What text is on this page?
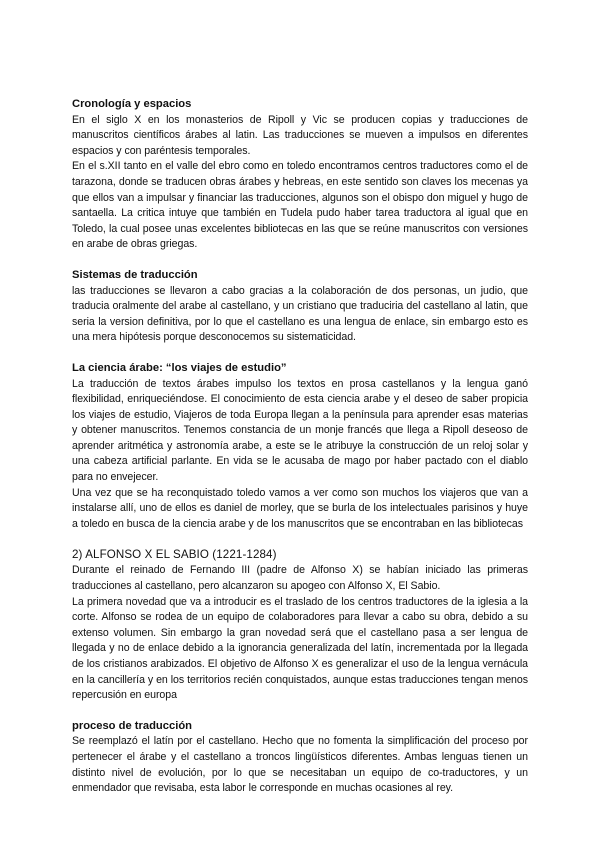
Cronología y espacios

En el siglo X en los monasterios de Ripoll y Vic se producen copias y traducciones de manuscritos científicos árabes al latin. Las traducciones se mueven a impulsos en diferentes espacios y con paréntesis temporales.

En el s.XII tanto en el valle del ebro como en toledo encontramos centros traductores como el de tarazona, donde se traducen obras árabes y hebreas, en este sentido son claves los mecenas ya que ellos van a impulsar y financiar las traducciones, algunos son el obispo don miguel y hugo de santaella. La critica intuye que también en Tudela pudo haber tarea traductora al igual que en Toledo, la cual posee unas excelentes bibliotecas en las que se reúne manuscritos con versiones en arabe de obras griegas.

Sistemas de traducción

las traducciones se llevaron a cabo gracias a la colaboración de dos personas, un judio, que traducia oralmente del arabe al castellano, y un cristiano que traduciria del castellano al latin, que seria la version definitiva, por lo que el castellano es una lengua de enlace, sin embargo esto es una mera hipótesis porque desconocemos su sistematicidad.

La ciencia árabe: “los viajes de estudio”

La traducción de textos árabes impulso los textos en prosa castellanos y la lengua ganó flexibilidad, enriqueciéndose. El conocimiento de esta ciencia arabe y el deseo de saber propicia los viajes de estudio, Viajeros de toda Europa llegan a la península para aprender esas materias y obtener manuscritos. Tenemos constancia de un monje francés que llega a Ripoll deseoso de aprender aritmética y astronomía arabe, a este se le atribuye la construcción de un reloj solar y una cabeza artificial parlante. En vida se le acusaba de mago por haber pactado con el diablo para no envejecer.

Una vez que se ha reconquistado toledo vamos a ver como son muchos los viajeros que van a instalarse allí, uno de ellos es daniel de morley, que se burla de los intelectuales parisinos y huye a toledo en busca de la ciencia arabe y de los manuscritos que se encontraban en las bibliotecas

2) ALFONSO X EL SABIO (1221-1284)

Durante el reinado de Fernando III (padre de Alfonso X) se habían iniciado las primeras traducciones al castellano, pero alcanzaron su apogeo con Alfonso X, El Sabio.

La primera novedad que va a introducir es el traslado de los centros traductores de la iglesia a la corte. Alfonso se rodea de un equipo de colaboradores para llevar a cabo su obra, debido a su extenso volumen. Sin embargo la gran novedad será que el castellano pasa a ser lengua de llegada y no de enlace debido a la ignorancia generalizada del latín, incrementada por la llegada de los cristianos arabizados. El objetivo de Alfonso X es generalizar el uso de la lengua vernácula en la cancillería y en los territorios recién conquistados, aunque estas traducciones tengan menos repercusión en europa

proceso de traducción

Se reemplazó el latín por el castellano. Hecho que no fomenta la simplificación del proceso por pertenecer el árabe y el castellano a troncos lingüísticos diferentes. Ambas lenguas tienen un distinto nivel de evolución, por lo que se necesitaban un equipo de co-traductores, y un enmendador que revisaba, esta labor le corresponde en muchas ocasiones al rey.
